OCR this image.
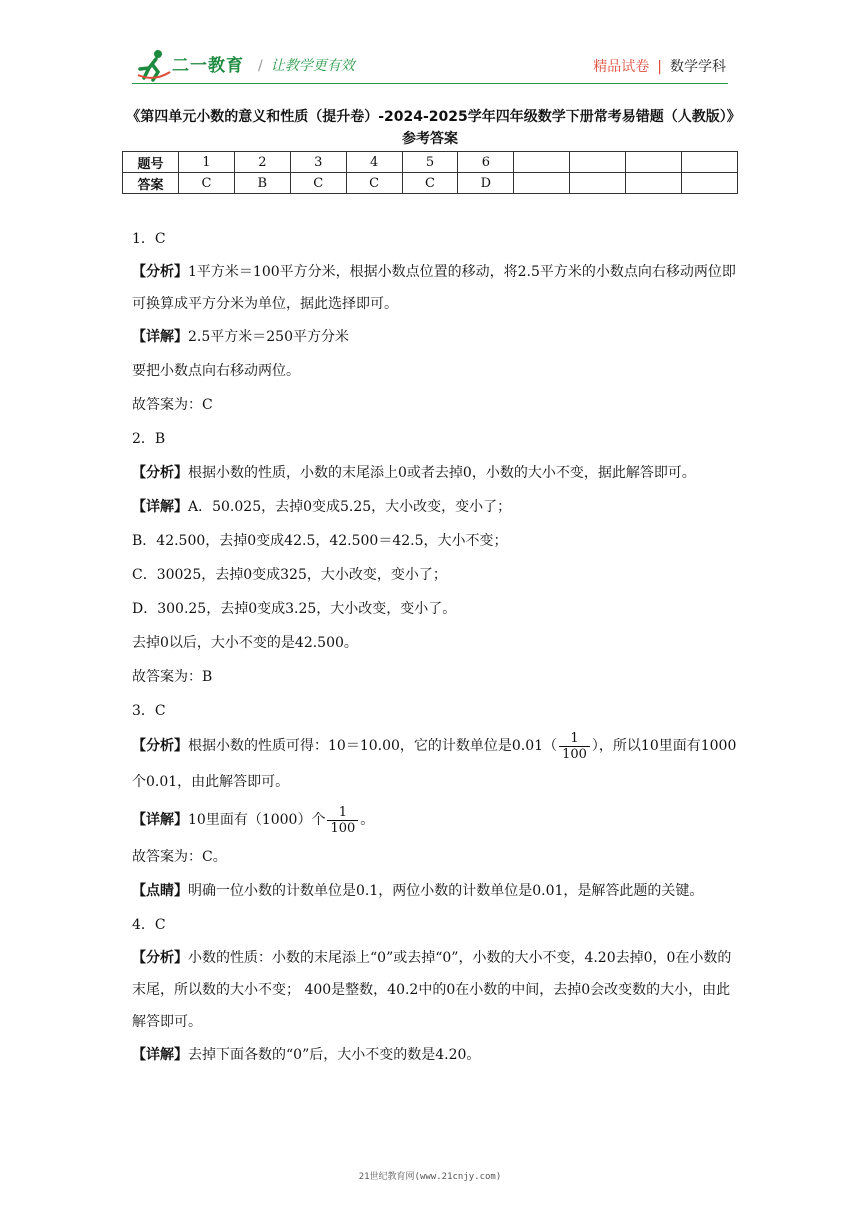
二一教育 / 让教学更有效	精品试卷 | 数学学科
《第四单元小数的意义和性质（提升卷）-2024-2025学年四年级数学下册常考易错题（人教版）》参考答案
题号	1	2	3	4	5	6				
答案	C	B	C	C	C	D				

1．C

【分析】1平方米＝100平方分米，根据小数点位置的移动，将2.5平方米的小数点向右移动两位即可换算成平方分米为单位，据此选择即可。

【详解】2.5平方米＝250平方分米

要把小数点向右移动两位。

故答案为：C

2．B

【分析】根据小数的性质，小数的末尾添上0或者去掉0，小数的大小不变，据此解答即可。

【详解】A．50.025，去掉0变成5.25，大小改变，变小了；

B．42.500，去掉0变成42.5，42.500＝42.5，大小不变；

C．30025，去掉0变成325，大小改变，变小了；

D．300.25，去掉0变成3.25，大小改变，变小了。

去掉0以后，大小不变的是42.500。

故答案为：B

3．C

【分析】根据小数的性质可得：10＝10.00，它的计数单位是$0.01( \frac{1}{100}$ ），所以10里面有1000个0.01，由此解答即可。

【详解】10里面有（1000）个 $\frac{1}{100}$ 。

故答案为：C。

【点睛】明确一位小数的计数单位是0.1，两位小数的计数单位是0.01，是解答此题的关键。

4．C

【分析】小数的性质：小数的末尾添上“0”或去掉“0”，小数的大小不变，4.20去掉0，0在小数的末尾，所以数的大小不变； 400是整数，40.2中的0在小数的中间，去掉0会改变数的大小，由此解答即可。

【详解】去掉下面各数的“0”后，大小不变的数是4.20。

21世纪教育网(www.21cnjy.com)
